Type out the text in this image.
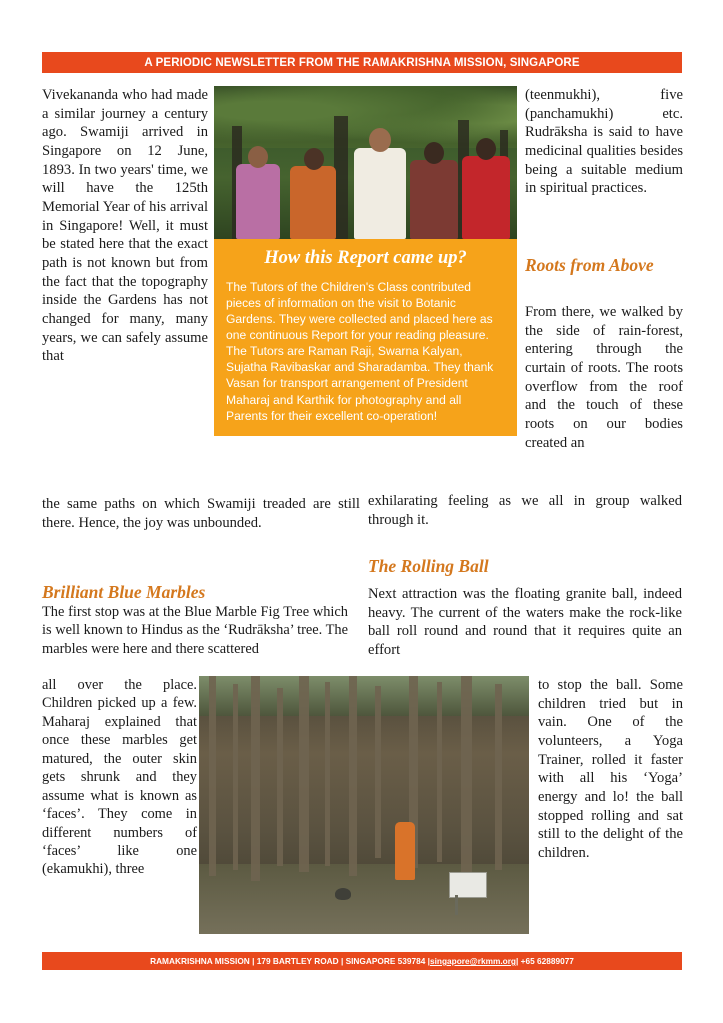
A PERIODIC NEWSLETTER FROM THE RAMAKRISHNA MISSION, SINGAPORE
Vivekananda who had made a similar journey a century ago. Swamiji arrived in Singapore on 12 June, 1893. In two years' time, we will have the 125th Memorial Year of his arrival in Singapore! Well, it must be stated here that the exact path is not known but from the fact that the topography inside the Gardens has not changed for many, many years, we can safely assume that
How this Report came up?
The Tutors of the Children's Class contributed pieces of information on the visit to Botanic Gardens. They were collected and placed here as one continuous Report for your reading pleasure. The Tutors are Raman Raji, Swarna Kalyan, Sujatha Ravibaskar and Sharadamba. They thank Vasan for transport arrangement of President Maharaj and Karthik for photography and all Parents for their excellent co-operation!
(teenmukhi), five (panchamukhi) etc. Rudrāksha is said to have medicinal qualities besides being a suitable medium in spiritual practices.
Roots from Above
From there, we walked by the side of rain-forest, entering through the curtain of roots. The roots overflow from the roof and the touch of these roots on our bodies created an
exhilarating feeling as we all in group walked through it.
the same paths on which Swamiji treaded are still there. Hence, the joy was unbounded.
Brilliant Blue Marbles
The first stop was at the Blue Marble Fig Tree which is well known to Hindus as the ‘Rudrāksha’ tree. The marbles were here and there scattered
all over the place. Children picked up a few. Maharaj explained that once these marbles get matured, the outer skin gets shrunk and they assume what is known as ‘faces’. They come in different numbers of ‘faces’ like one (ekamukhi), three
The Rolling Ball
Next attraction was the floating granite ball, indeed heavy. The current of the waters make the rock-like ball roll round and round that it requires quite an effort
to stop the ball. Some children tried but in vain. One of the volunteers, a Yoga Trainer, rolled it faster with all his ‘Yoga’ energy and lo! the ball stopped rolling and sat still to the delight of the children.
RAMAKRISHNA MISSION | 179 BARTLEY ROAD | SINGAPORE 539784 | singapore@rkmm.org | +65 62889077
